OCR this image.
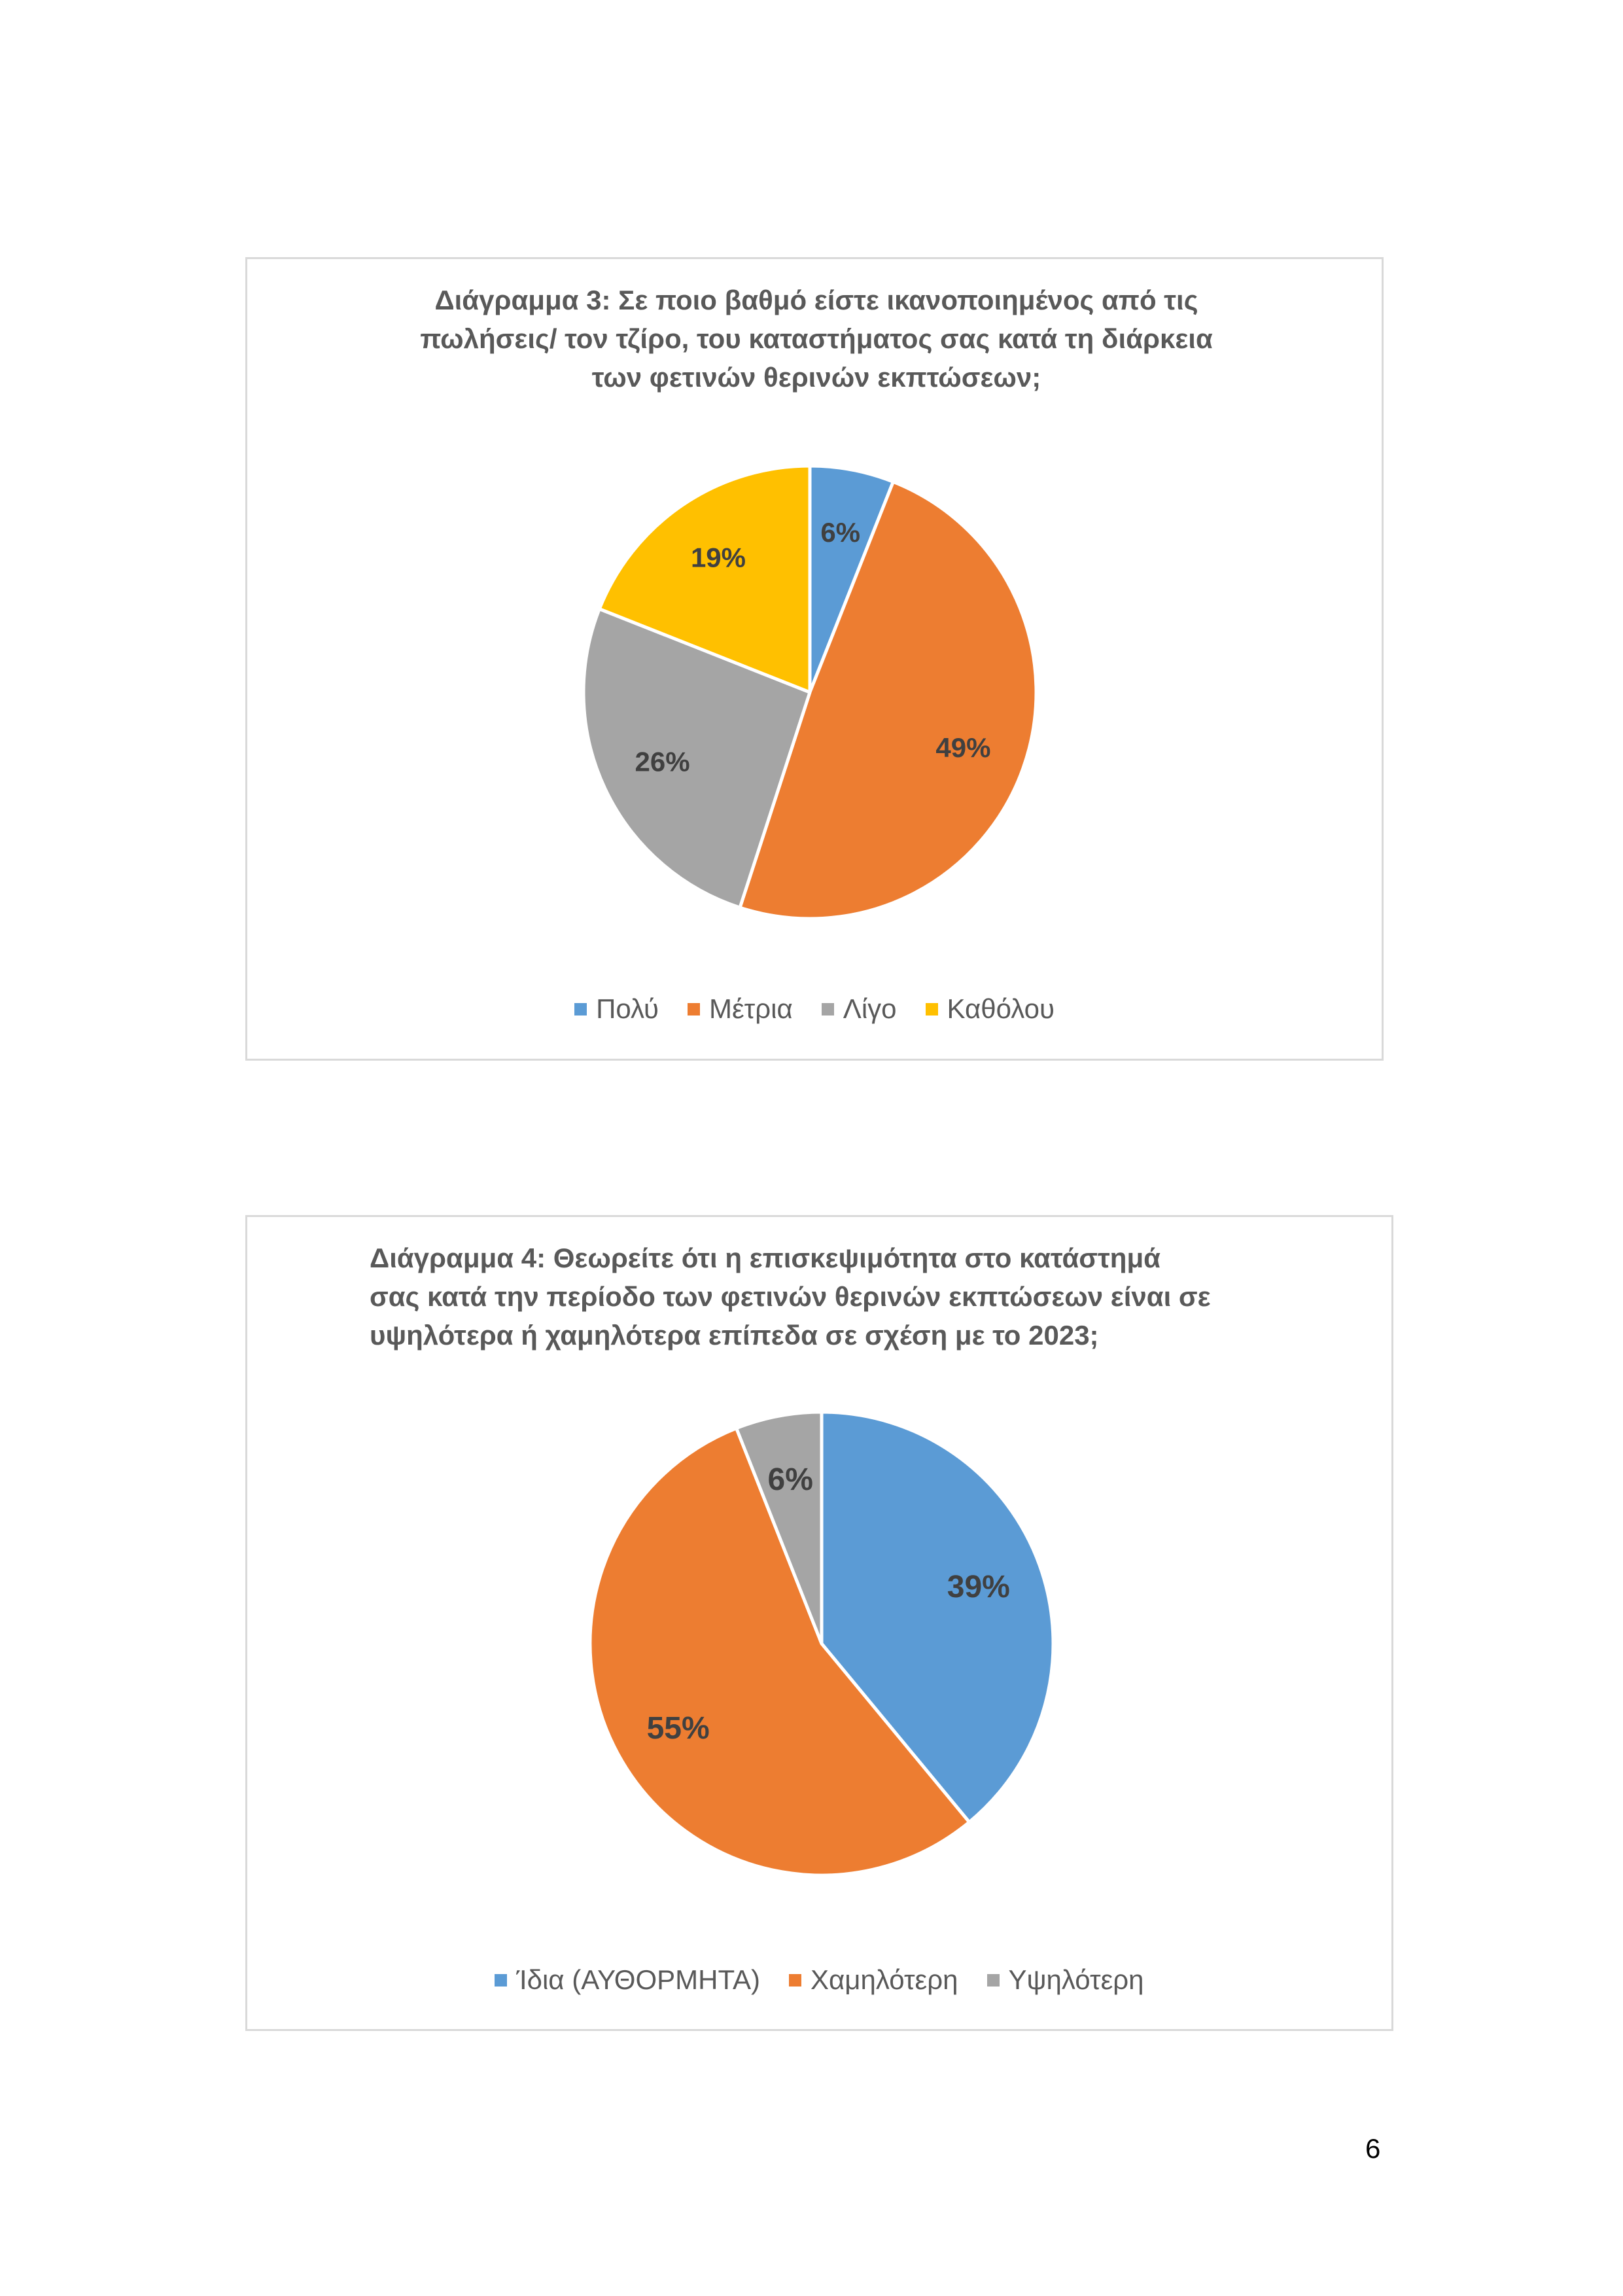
Διάγραμμα 3: Σε ποιο βαθμό είστε ικανοποιημένος από τις
πωλήσεις/ τον τζίρο, του καταστήματος σας κατά τη διάρκεια
των φετινών θερινών εκπτώσεων;
6%
49%
26%
19%
Πολύ Μέτρια Λίγο Καθόλου
Διάγραμμα 4: Θεωρείτε ότι η επισκεψιμότητα στο κατάστημά
σας κατά την περίοδο των φετινών θερινών εκπτώσεων είναι σε
υψηλότερα ή χαμηλότερα επίπεδα σε σχέση με το 2023;
39%
55%
6%
Ίδια (ΑΥΘΟΡΜΗΤΑ) Χαμηλότερη Υψηλότερη
6
